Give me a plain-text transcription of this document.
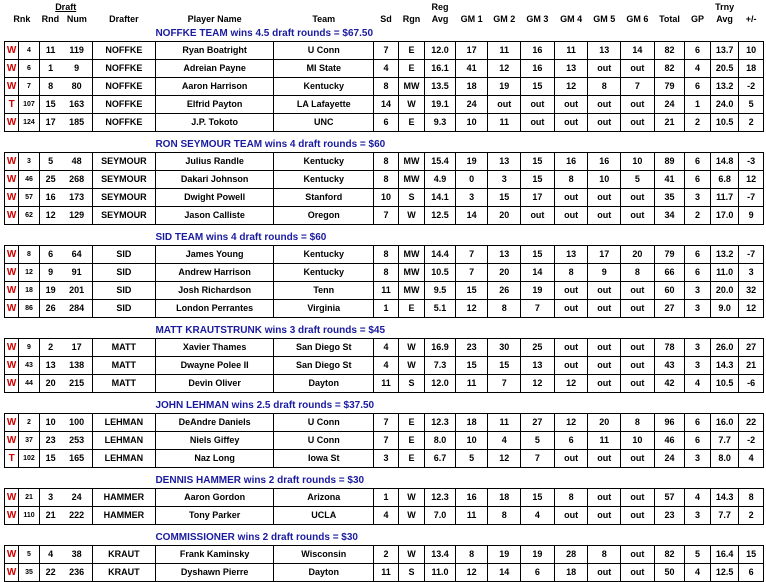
		Draft							Reg									Trny	
Rnk		Rnd	Num	Drafter	Player Name	Team	Sd	Rgn	Avg	GM 1	GM 2	GM 3	GM 4	GM 5	GM 6	Total	GP	Avg	+/-
					NOFFKE TEAM wins 4.5 draft rounds = $67.50														
W	4	11	119	NOFFKE	Ryan Boatright	U Conn	7	E	12.0	17	11	16	11	13	14	82	6	13.7	10
W	6	1	9	NOFFKE	Adreian Payne	MI State	4	E	16.1	41	12	16	13	out	out	82	4	20.5	18
W	7	8	80	NOFFKE	Aaron Harrison	Kentucky	8	MW	13.5	18	19	15	12	8	7	79	6	13.2	-2
T	107	15	163	NOFFKE	Elfrid Payton	LA Lafayette	14	W	19.1	24	out	out	out	out	out	24	1	24.0	5
W	124	17	185	NOFFKE	J.P. Tokoto	UNC	6	E	9.3	10	11	out	out	out	out	21	2	10.5	2

					RON SEYMOUR TEAM wins 4 draft rounds = $60														
W	3	5	48	SEYMOUR	Julius Randle	Kentucky	8	MW	15.4	19	13	15	16	16	10	89	6	14.8	-3
W	46	25	268	SEYMOUR	Dakari Johnson	Kentucky	8	MW	4.9	0	3	15	8	10	5	41	6	6.8	12
W	57	16	173	SEYMOUR	Dwight Powell	Stanford	10	S	14.1	3	15	17	out	out	out	35	3	11.7	-7
W	62	12	129	SEYMOUR	Jason Calliste	Oregon	7	W	12.5	14	20	out	out	out	out	34	2	17.0	9

					SID TEAM wins 4 draft rounds = $60														
W	8	6	64	SID	James Young	Kentucky	8	MW	14.4	7	13	15	13	17	20	79	6	13.2	-7
W	12	9	91	SID	Andrew Harrison	Kentucky	8	MW	10.5	7	20	14	8	9	8	66	6	11.0	3
W	18	19	201	SID	Josh Richardson	Tenn	11	MW	9.5	15	26	19	out	out	out	60	3	20.0	32
W	86	26	284	SID	London Perrantes	Virginia	1	E	5.1	12	8	7	out	out	out	27	3	9.0	12

					MATT KRAUTSTRUNK wins 3 draft rounds = $45														
W	9	2	17	MATT	Xavier Thames	San Diego St	4	W	16.9	23	30	25	out	out	out	78	3	26.0	27
W	43	13	138	MATT	Dwayne Polee II	San Diego St	4	W	7.3	15	15	13	out	out	out	43	3	14.3	21
W	44	20	215	MATT	Devin Oliver	Dayton	11	S	12.0	11	7	12	12	out	out	42	4	10.5	-6

					JOHN LEHMAN wins 2.5 draft rounds = $37.50														
W	2	10	100	LEHMAN	DeAndre Daniels	U Conn	7	E	12.3	18	11	27	12	20	8	96	6	16.0	22
W	37	23	253	LEHMAN	Niels Giffey	U Conn	7	E	8.0	10	4	5	6	11	10	46	6	7.7	-2
T	102	15	165	LEHMAN	Naz Long	Iowa St	3	E	6.7	5	12	7	out	out	out	24	3	8.0	4

					DENNIS HAMMER wins 2 draft rounds = $30														
W	21	3	24	HAMMER	Aaron Gordon	Arizona	1	W	12.3	16	18	15	8	out	out	57	4	14.3	8
W	110	21	222	HAMMER	Tony Parker	UCLA	4	W	7.0	11	8	4	out	out	out	23	3	7.7	2

					COMMISSIONER wins 2 draft rounds = $30														
W	5	4	38	KRAUT	Frank Kaminsky	Wisconsin	2	W	13.4	8	19	19	28	8	out	82	5	16.4	15
W	35	22	236	KRAUT	Dyshawn Pierre	Dayton	11	S	11.0	12	14	6	18	out	out	50	4	12.5	6
